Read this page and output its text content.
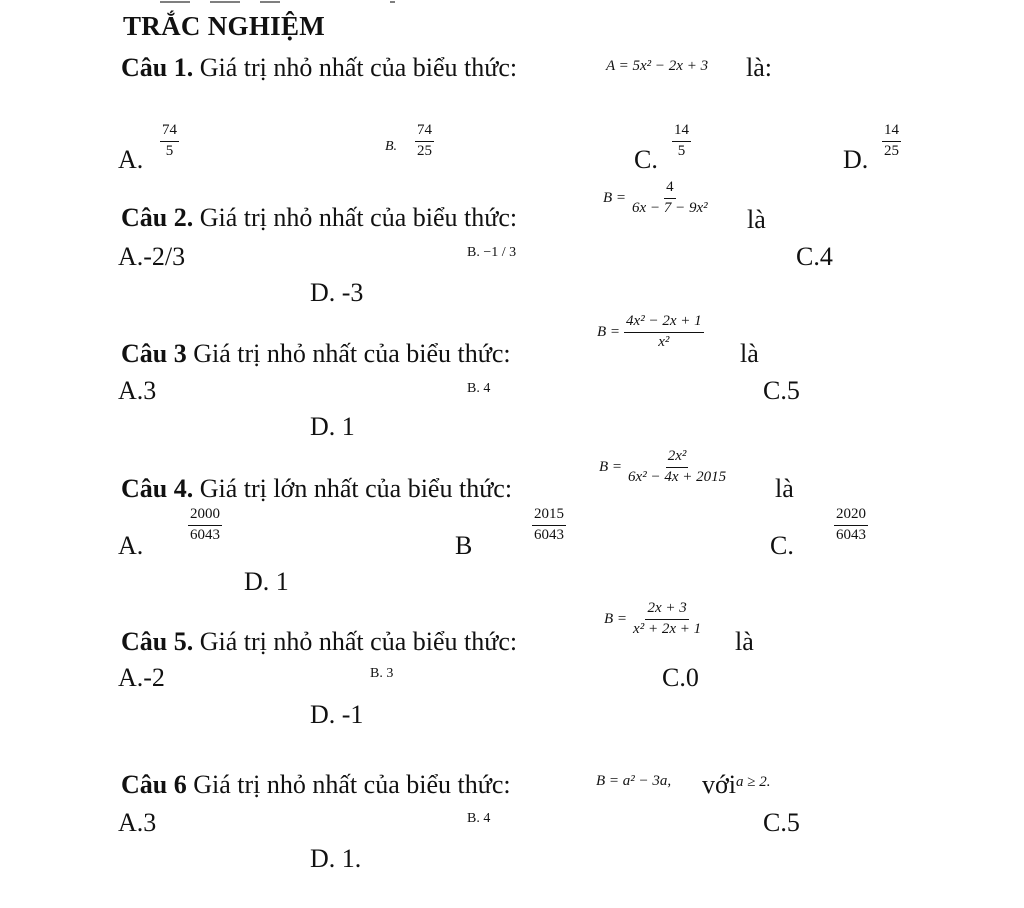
TRẮC NGHIỆM
Câu 1. Giá trị nhỏ nhất của biểu thức:	A = 5x² − 2x + 3 là:
A. $\frac{74}{5}$	B. $\frac{74}{25}$	C. $\frac{14}{5}$	D. $\frac{14}{25}$
Câu 2. Giá trị nhỏ nhất của biểu thức:
$B = \frac{4}{\text{6x − 7 − 9x²}}$
là
A.-2/3	B. −1 / 3	C.4
D. -3
Câu 3 Giá trị nhỏ nhất của biểu thức:
$B = \frac{\text{4x² − 2x + 1}}{\text{x²}}$
là
A.3	B. 4	C.5
D. 1
Câu 4. Giá trị lớn nhất của biểu thức:
$B = \frac{\text{2x²}}{\text{6x² − 4x + 2015}}$
là
A.
$\frac{2000}{6043}$
B
$\frac{2015}{6043}$
C.
$\frac{2020}{6043}$
D. 1
Câu 5. Giá trị nhỏ nhất của biểu thức:
$B = \frac{2x + 3}{\text{x² + 2x + 1}}$
là
A.-2	B. 3	C.0
D. -1
Câu 6 Giá trị nhỏ nhất của biểu thức:	B = a² − 3a, với a ≥ 2.
A.3	B. 4	C.5
D. 1.
